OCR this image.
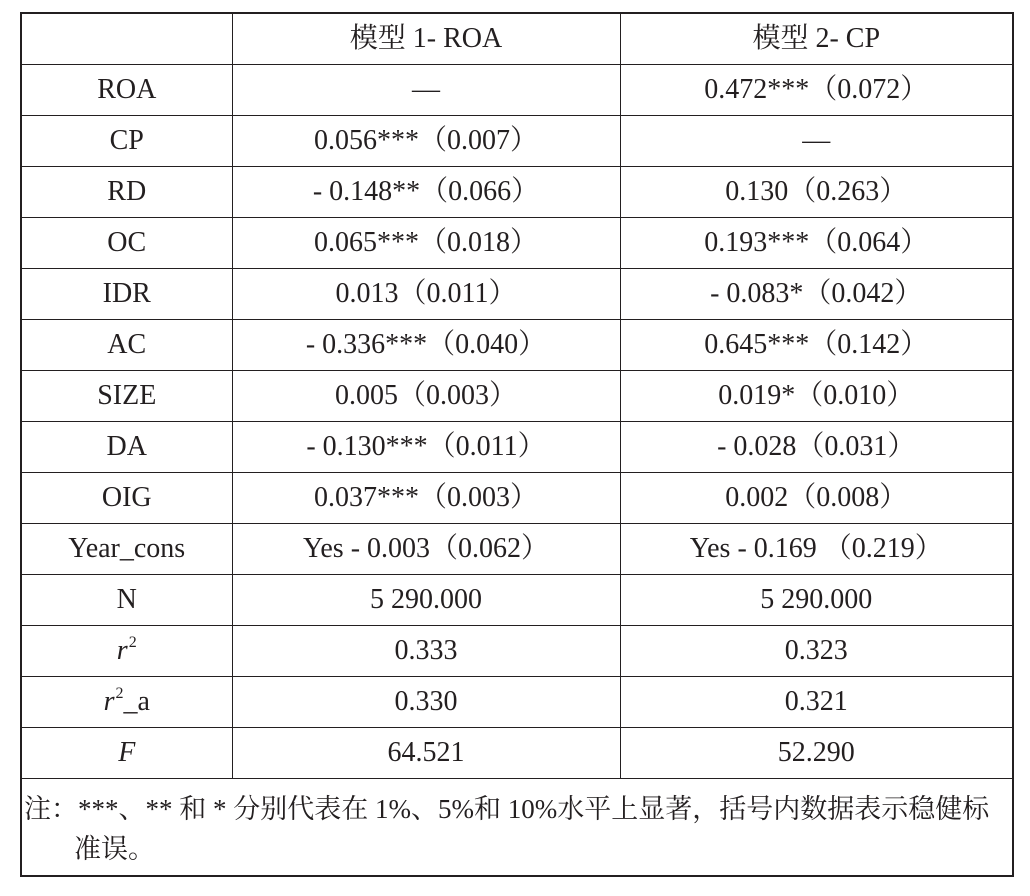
	模型 1- ROA	模型 2- CP
ROA	—	0.472***（0.072）
CP	0.056***（0.007）	—
RD	- 0.148**（0.066）	0.130（0.263）
OC	0.065***（0.018）	0.193***（0.064）
IDR	0.013（0.011）	- 0.083*（0.042）
AC	- 0.336***（0.040）	0.645***（0.142）
SIZE	0.005（0.003）	0.019*（0.010）
DA	- 0.130***（0.011）	- 0.028（0.031）
OIG	0.037***（0.003）	0.002（0.008）
Year_cons	Yes - 0.003（0.062）	Yes - 0.169 （0.219）
N	5 290.000	5 290.000
$r^2$	0.333	0.323
$r^2\_a$	0.330	0.321
F	64.521	52.290
注：***、** 和 * 分别代表在 1%、5%和 10%水平上显著，括号内数据表示稳健标准误。		
